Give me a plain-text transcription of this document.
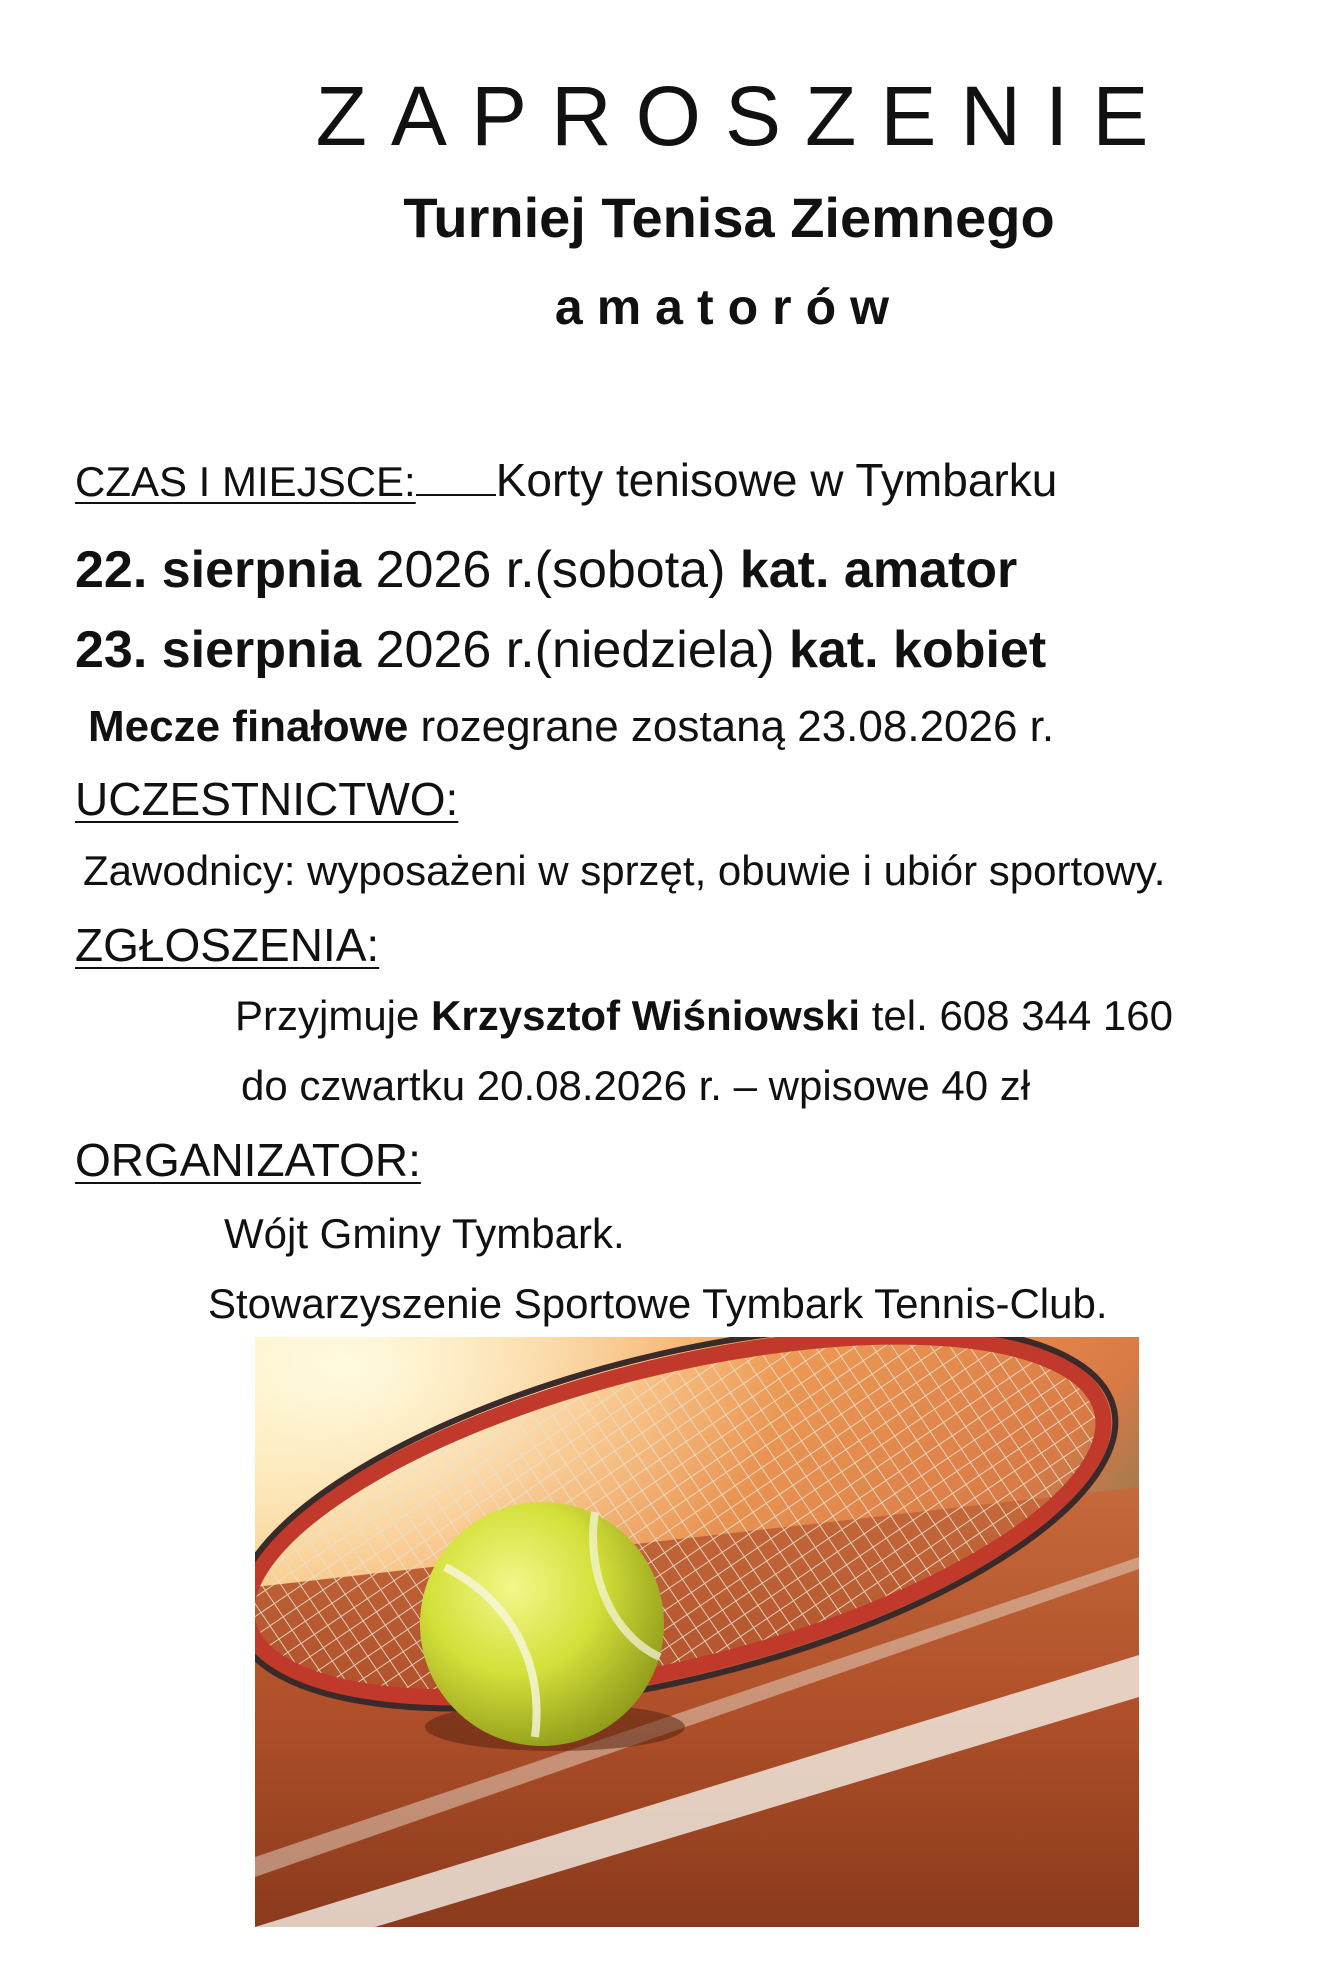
ZAPROSZENIE
Turniej Tenisa Ziemnego
amatorów
CZAS I MIEJSCE: Korty tenisowe w Tymbarku
22. sierpnia 2026 r.(sobota) kat. amator
23. sierpnia 2026 r.(niedziela) kat. kobiet
Mecze finałowe rozegrane zostaną 23.08.2026 r.
UCZESTNICTWO:
Zawodnicy: wyposażeni w sprzęt, obuwie i ubiór sportowy.
ZGŁOSZENIA:
Przyjmuje Krzysztof Wiśniowski tel. 608 344 160
do czwartku 20.08.2026 r. – wpisowe 40 zł
ORGANIZATOR:
Wójt Gminy Tymbark.
Stowarzyszenie Sportowe Tymbark Tennis-Club.
